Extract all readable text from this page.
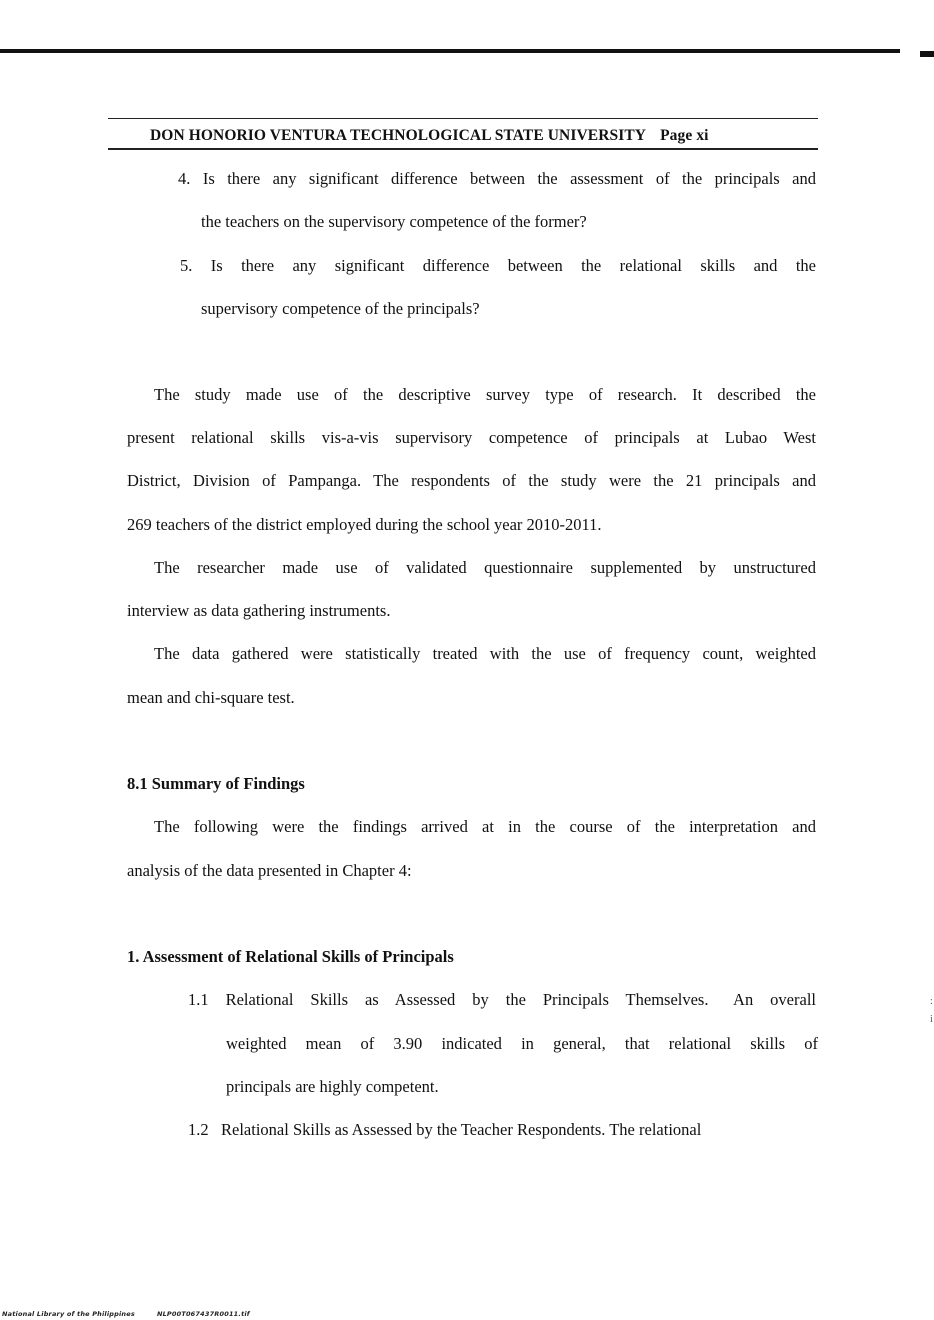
DON HONORIO VENTURA TECHNOLOGICAL STATE UNIVERSITY Page xi
4. Is there any significant difference between the assessment of the principals and
the teachers on the supervisory competence of the former?
5.  Is  there  any  significant  difference  between  the  relational  skills  and  the
supervisory competence of the principals?
The study made use of the descriptive survey type of research. It described the
present relational skills vis-a-vis supervisory competence of principals at Lubao West
District, Division of Pampanga. The respondents of the study were the 21 principals and
269 teachers of the district employed during the school year 2010-2011.
The researcher made use of validated questionnaire supplemented by unstructured
interview as data gathering instruments.
The data gathered were statistically treated with the use of frequency count, weighted
mean and chi-square test.
8.1 Summary of Findings
The following were the findings arrived at in the course of the interpretation and
analysis of the data presented in Chapter 4:
1. Assessment of Relational Skills of Principals
1.1  Relational  Skills  as  Assessed  by  the  Principals  Themselves.   An  overall
weighted  mean  of  3.90  indicated  in  general,  that  relational  skills  of
principals are highly competent.
1.2   Relational Skills as Assessed by the Teacher Respondents. The relational
:
i
National Library of the Philippines	NLP00T067437R0011.tif
